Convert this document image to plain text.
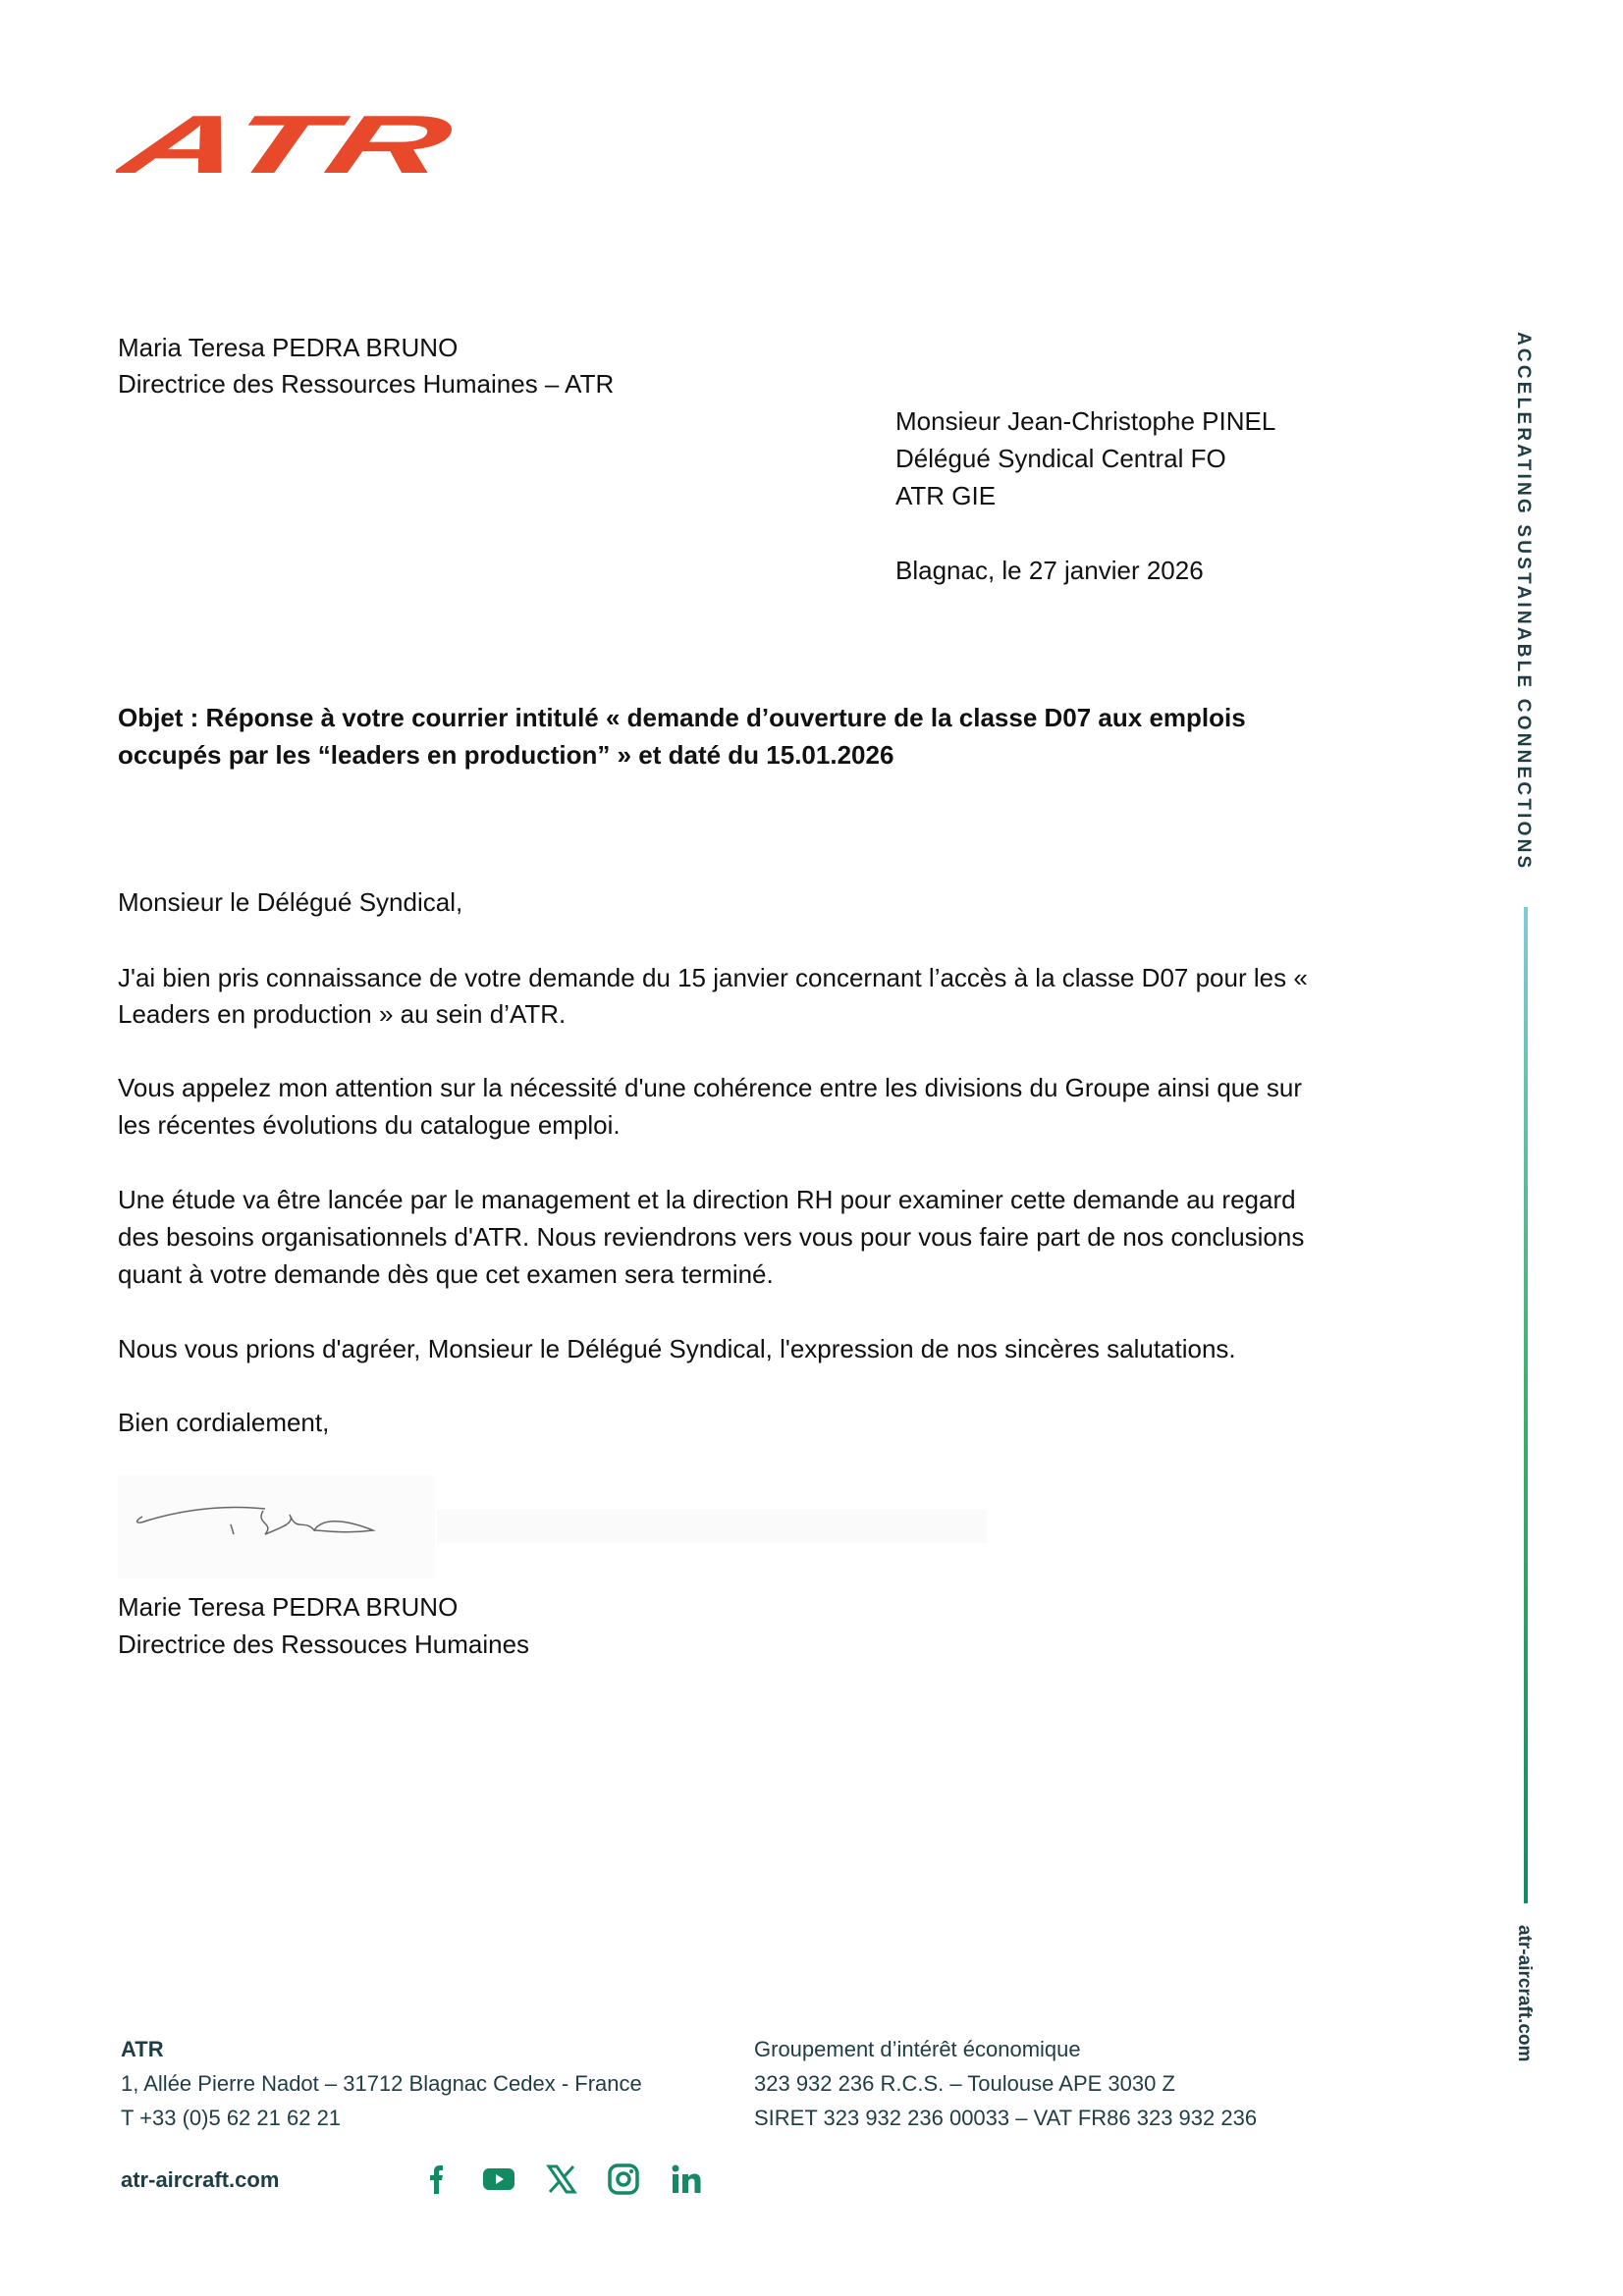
ATR
Maria Teresa PEDRA BRUNO
Directrice des Ressources Humaines – ATR
Monsieur Jean-Christophe PINEL
Délégué Syndical Central FO
ATR GIE
Blagnac, le 27 janvier 2026
Objet : Réponse à votre courrier intitulé « demande d’ouverture de la classe D07 aux emplois
occupés par les “leaders en production” » et daté du 15.01.2026
Monsieur le Délégué Syndical,
J'ai bien pris connaissance de votre demande du 15 janvier concernant l’accès à la classe D07 pour les «
Leaders en production » au sein d’ATR.
Vous appelez mon attention sur la nécessité d'une cohérence entre les divisions du Groupe ainsi que sur
les récentes évolutions du catalogue emploi.
Une étude va être lancée par le management et la direction RH pour examiner cette demande au regard
des besoins organisationnels d'ATR. Nous reviendrons vers vous pour vous faire part de nos conclusions
quant à votre demande dès que cet examen sera terminé.
Nous vous prions d'agréer, Monsieur le Délégué Syndical, l'expression de nos sincères salutations.
Bien cordialement,
Marie Teresa PEDRA BRUNO
Directrice des Ressouces Humaines
ACCELERATING SUSTAINABLE CONNECTIONS
atr-aircraft.com
ATR
1, Allée Pierre Nadot – 31712 Blagnac Cedex - France
T +33 (0)5 62 21 62 21
Groupement d’intérêt économique
323 932 236 R.C.S. – Toulouse APE 3030 Z
SIRET 323 932 236 00033 – VAT FR86 323 932 236
atr-aircraft.com
